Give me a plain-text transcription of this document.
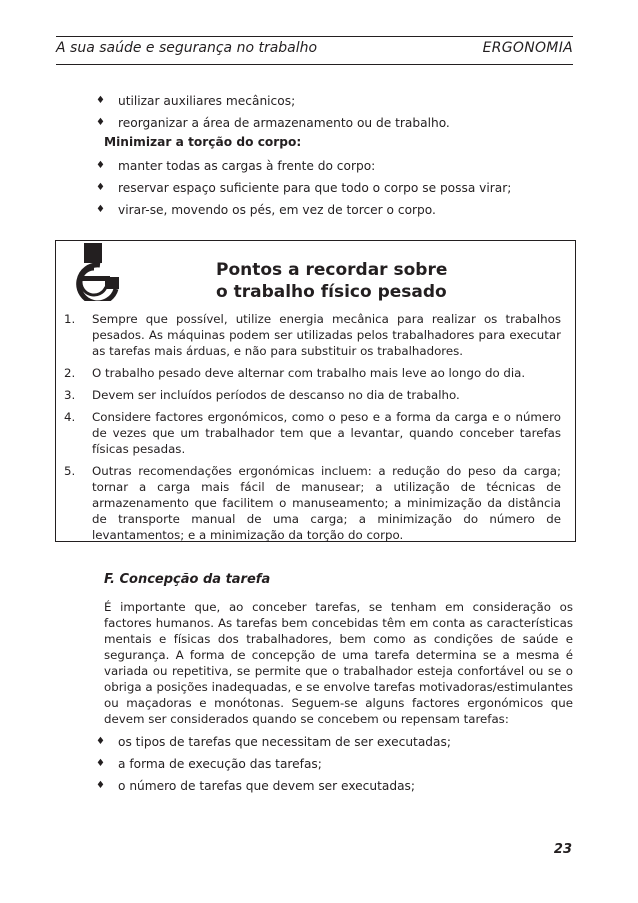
A sua saúde e segurança no trabalho	ERGONOMIA
♦ utilizar auxiliares mecânicos;
♦ reorganizar a área de armazenamento ou de trabalho.
Minimizar a torção do corpo:
♦ manter todas as cargas à frente do corpo:
♦ reservar espaço suficiente para que todo o corpo se possa virar;
♦ virar-se, movendo os pés, em vez de torcer o corpo.
Pontos a recordar sobre
o trabalho físico pesado
1. Sempre que possível, utilize energia mecânica para realizar os trabalhos pesados. As máquinas podem ser utilizadas pelos trabalhadores para executar as tarefas mais árduas, e não para substituir os trabalhadores.
2. O trabalho pesado deve alternar com trabalho mais leve ao longo do dia.
3. Devem ser incluídos períodos de descanso no dia de trabalho.
4. Considere factores ergonómicos, como o peso e a forma da carga e o número de vezes que um trabalhador tem que a levantar, quando conceber tarefas físicas pesadas.
5. Outras recomendações ergonómicas incluem: a redução do peso da carga; tornar a carga mais fácil de manusear; a utilização de técnicas de armazenamento que facilitem o manuseamento; a minimização da distância de transporte manual de uma carga; a minimização do número de levantamentos; e a minimização da torção do corpo.
F. Concepção da tarefa

É importante que, ao conceber tarefas, se tenham em consideração os factores humanos. As tarefas bem concebidas têm em conta as características mentais e físicas dos trabalhadores, bem como as condições de saúde e segurança. A forma de concepção de uma tarefa determina se a mesma é variada ou repetitiva, se permite que o trabalhador esteja confortável ou se o obriga a posições inadequadas, e se envolve tarefas motivadoras/estimulantes ou maçadoras e monótonas. Seguem-se alguns factores ergonómicos que devem ser considerados quando se concebem ou repensam tarefas:

♦ os tipos de tarefas que necessitam de ser executadas;
♦ a forma de execução das tarefas;
♦ o número de tarefas que devem ser executadas;
23
